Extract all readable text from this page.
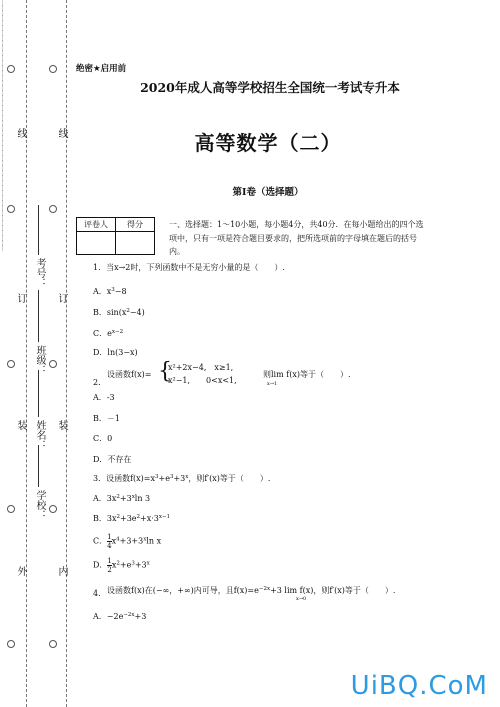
…………………………………………………………………………………………………………………………………… 线
订
装
外
线
订
装
内
考号：
班级：
姓名：
学校：
绝密★启用前
2020年成人高等学校招生全国统一考试专升本
高等数学（二）
第Ⅰ卷（选择题）
评卷人	得分
		一、选择题：1～10小题，每小题4分，共40分．在每小题给出的四个选项中，只有一项是符合题目要求的，把所选项前的字母填在题后的括号内。
1．当x→2时，下列函数中不是无穷小量的是（　　）.
A．$x^3-8$
B．$\sin(x^2-4)$
C．$e^{x-2}$
D．ln(3−x)
2.
设函数f(x)= {
x²+2x−4,　x≥1,
x²−1,　　0<x<1,
则lim f(x)等于（　　）.
x→1
A．-3
B．－1
C．0
D．不存在
3．设函数$f(x)=x^3+e^3+3^x$，则f′(x)等于（　　）.
A．$3x^2+3^x\ln$ 3
B．$3x^2+3e^2+x\cdot 3^{x-1}$
C． $\frac{1}{4} x^4+3+3^x\ln$ x
D． $\frac{1}{2} x^2+e^3+3^x$
4. 设函数f(x)在(−∞，+∞)内可导，且$f(x)=e^{-2x}+3$ lim f(x)，则f′(x)等于（　　）.
x→0
A．$-2e^{-2x}+3$
UiBQ.CoM
